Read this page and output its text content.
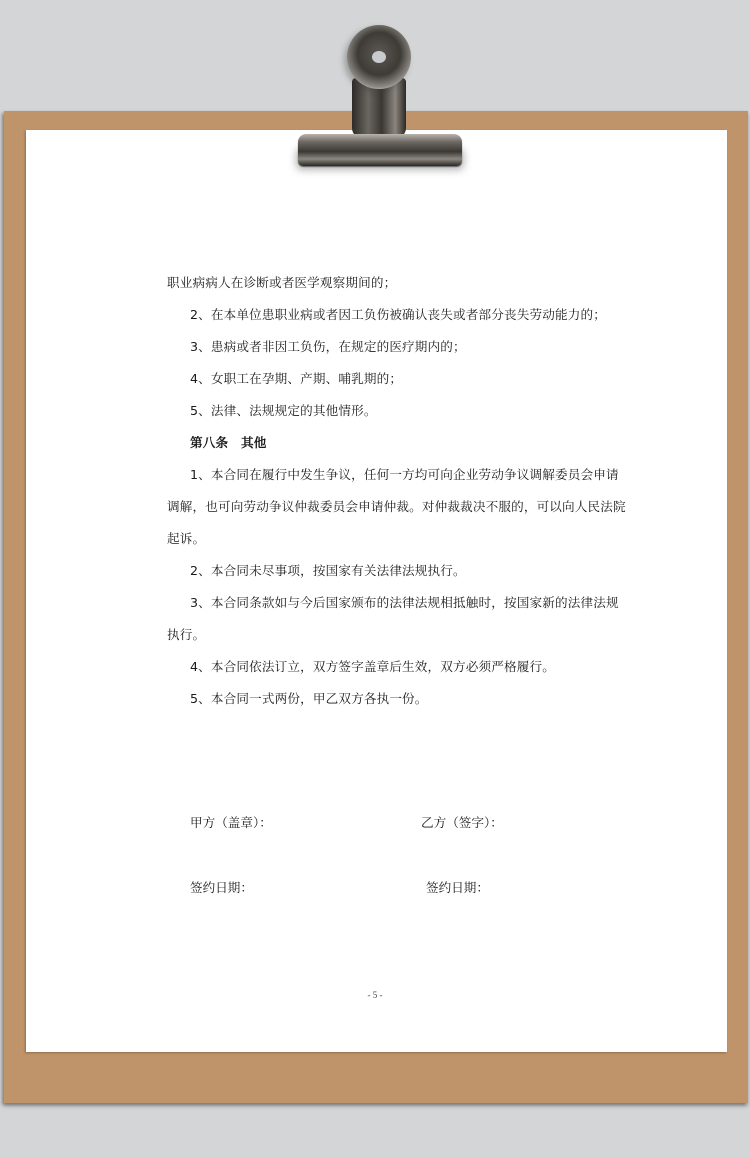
职业病病人在诊断或者医学观察期间的；
2、在本单位患职业病或者因工负伤被确认丧失或者部分丧失劳动能力的；
3、患病或者非因工负伤，在规定的医疗期内的；
4、女职工在孕期、产期、哺乳期的；
5、法律、法规规定的其他情形。
第八条　其他
1、本合同在履行中发生争议，任何一方均可向企业劳动争议调解委员会申请
调解，也可向劳动争议仲裁委员会申请仲裁。对仲裁裁决不服的，可以向人民法院
起诉。
2、本合同未尽事项，按国家有关法律法规执行。
3、本合同条款如与今后国家颁布的法律法规相抵触时，按国家新的法律法规
执行。
4、本合同依法订立，双方签字盖章后生效，双方必须严格履行。
5、本合同一式两份，甲乙双方各执一份。
甲方（盖章）：	乙方（签字）：
签约日期：	签约日期：
- 5 -
